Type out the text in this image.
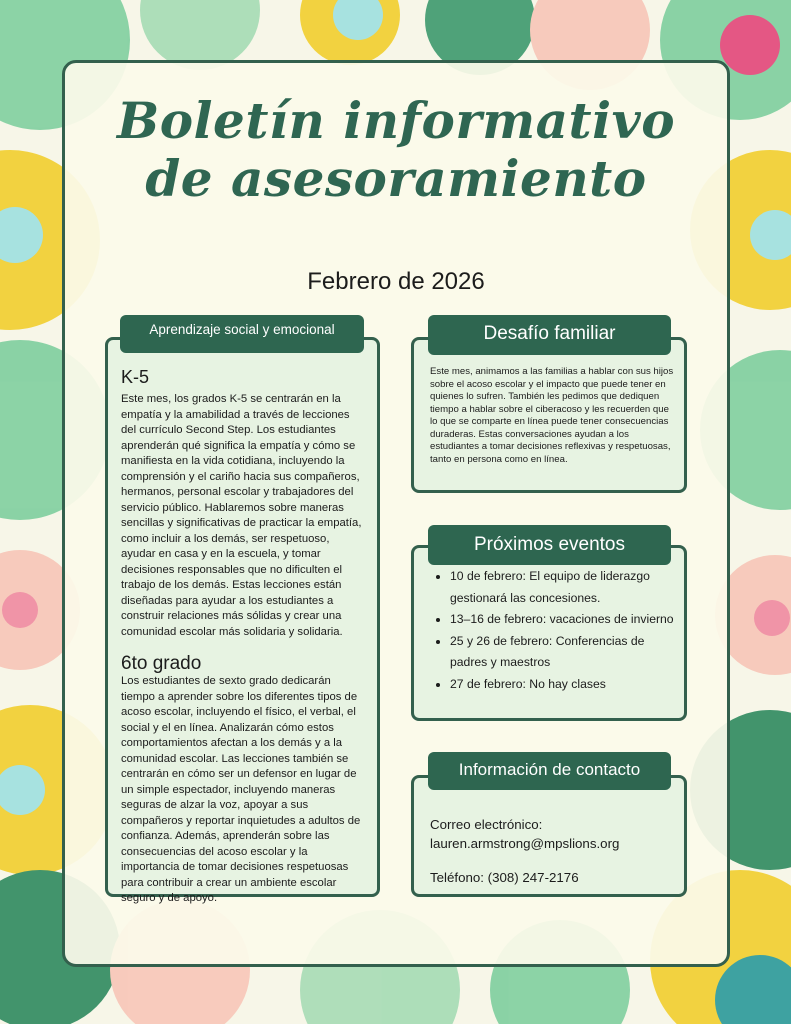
Boletín informativo
de asesoramiento
Febrero de 2026
K-5

Este mes, los grados K-5 se centrarán en la empatía y la amabilidad a través de lecciones del currículo Second Step. Los estudiantes aprenderán qué significa la empatía y cómo se manifiesta en la vida cotidiana, incluyendo la comprensión y el cariño hacia sus compañeros, hermanos, personal escolar y trabajadores del servicio público. Hablaremos sobre maneras sencillas y significativas de practicar la empatía, como incluir a los demás, ser respetuoso, ayudar en casa y en la escuela, y tomar decisiones responsables que no dificulten el trabajo de los demás. Estas lecciones están diseñadas para ayudar a los estudiantes a construir relaciones más sólidas y crear una comunidad escolar más solidaria y solidaria.

6to grado

Los estudiantes de sexto grado dedicarán tiempo a aprender sobre los diferentes tipos de acoso escolar, incluyendo el físico, el verbal, el social y el en línea. Analizarán cómo estos comportamientos afectan a los demás y a la comunidad escolar. Las lecciones también se centrarán en cómo ser un defensor en lugar de un simple espectador, incluyendo maneras seguras de alzar la voz, apoyar a sus compañeros y reportar inquietudes a adultos de confianza. Además, aprenderán sobre las consecuencias del acoso escolar y la importancia de tomar decisiones respetuosas para contribuir a crear un ambiente escolar seguro y de apoyo.

Aprendizaje social y emocional
Este mes, animamos a las familias a hablar con sus hijos sobre el acoso escolar y el impacto que puede tener en quienes lo sufren. También les pedimos que dediquen tiempo a hablar sobre el ciberacoso y les recuerden que lo que se comparte en línea puede tener consecuencias duraderas. Estas conversaciones ayudan a los estudiantes a tomar decisiones reflexivas y respetuosas, tanto en persona como en línea.
Desafío familiar
• 10 de febrero: El equipo de liderazgo gestionará las concesiones.
• 13–16 de febrero: vacaciones de invierno
• 25 y 26 de febrero: Conferencias de padres y maestros
• 27 de febrero: No hay clases
Próximos eventos
Correo electrónico:
lauren.armstrong@mpslions.org
Teléfono: (308) 247-2176
Información de contacto
